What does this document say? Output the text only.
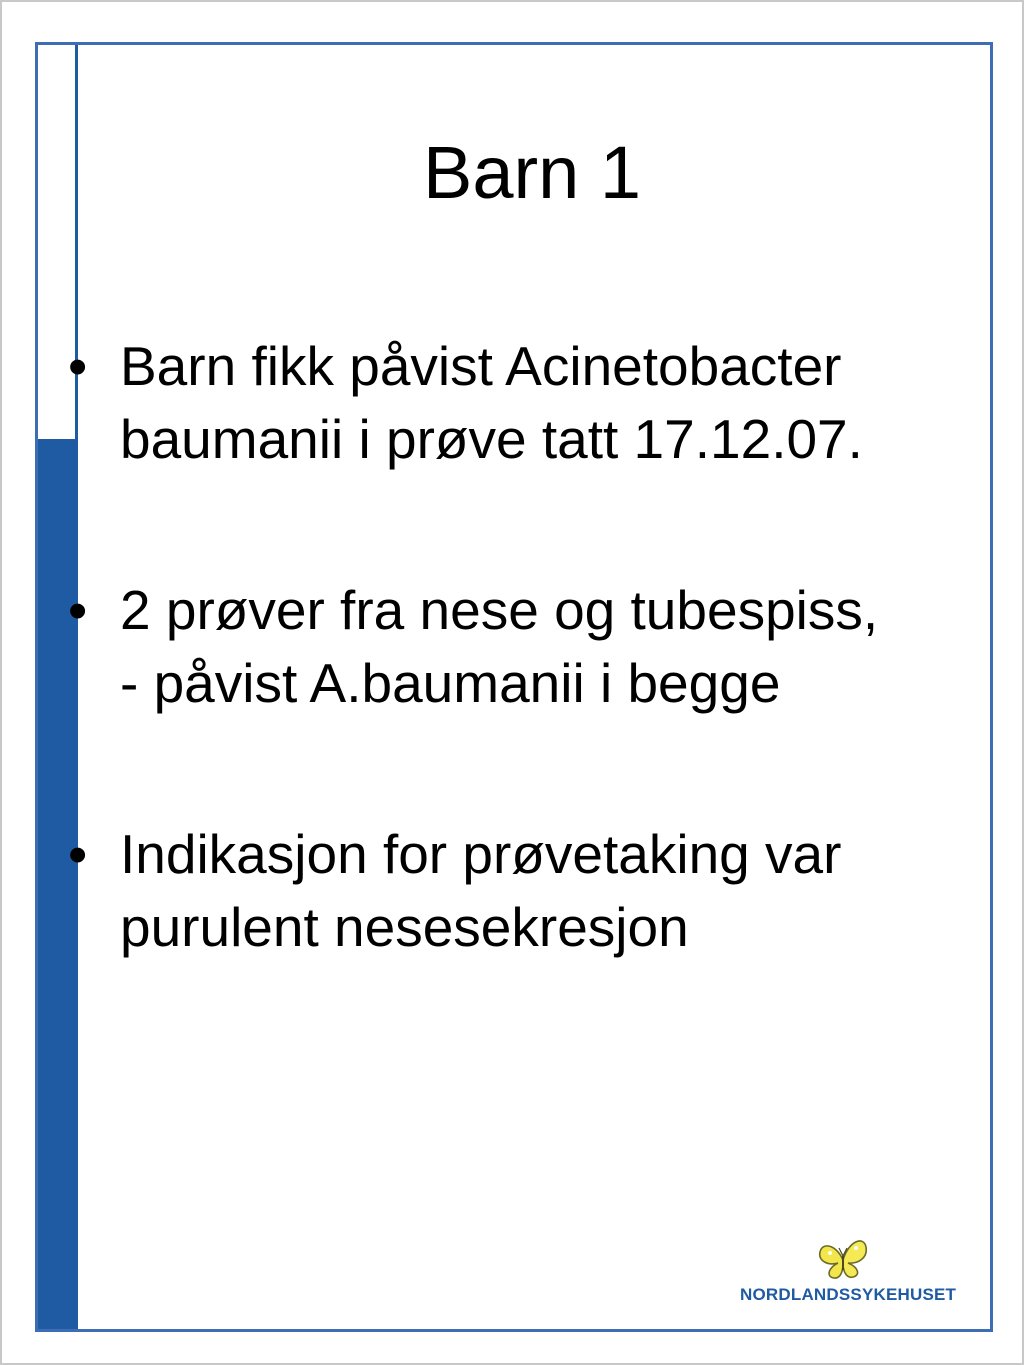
Barn 1
• Barn fikk påvist Acinetobacter
baumanii i prøve tatt 17.12.07.
• 2 prøver fra nese og tubespiss,
- påvist A.baumanii i begge
• Indikasjon for prøvetaking var
purulent nesesekresjon
NORDLANDSSYKEHUSET
